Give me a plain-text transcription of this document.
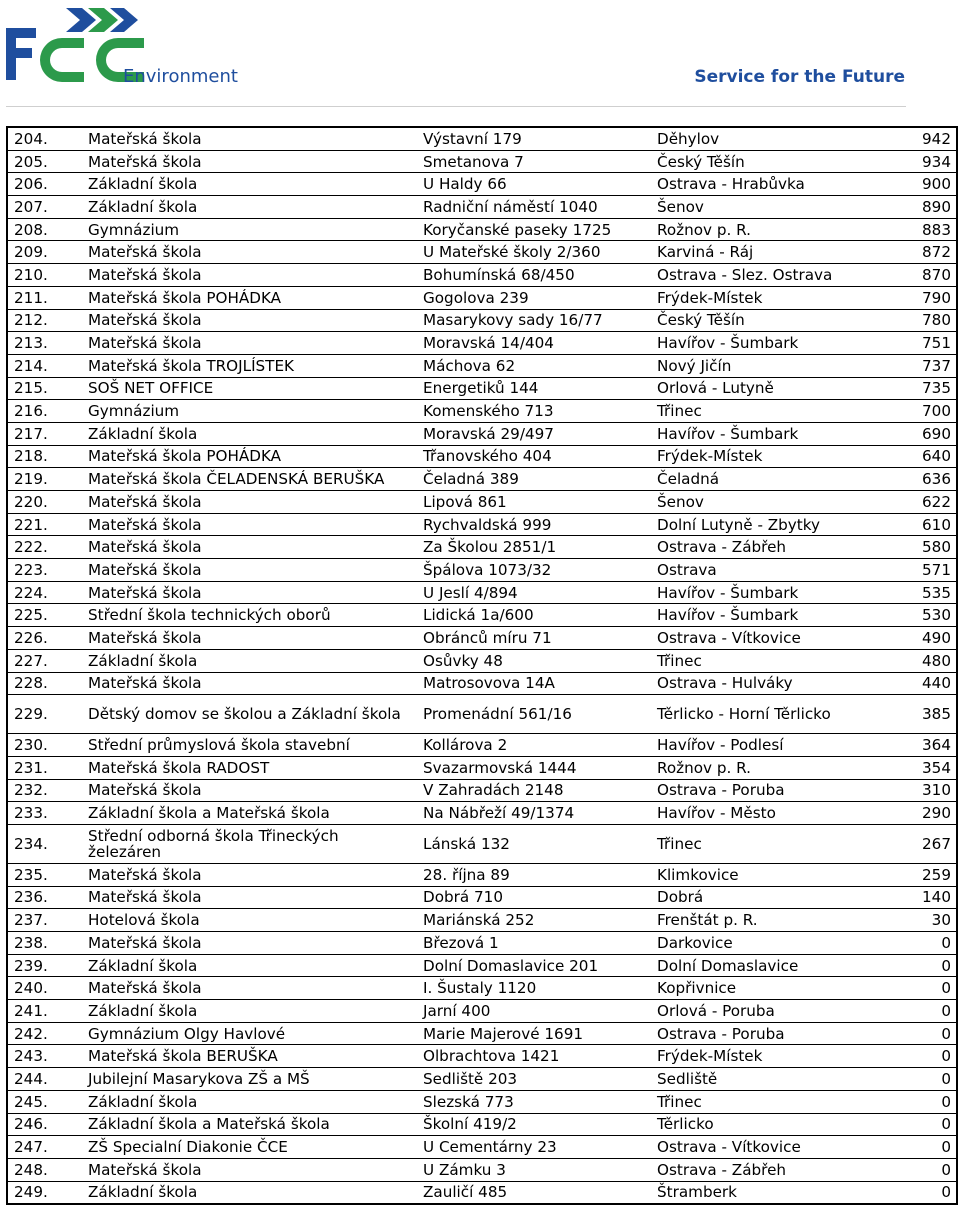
Environment	Service for the Future
204.	Mateřská škola	Výstavní 179	Děhylov	942
205.	Mateřská škola	Smetanova 7	Český Těšín	934
206.	Základní škola	U Haldy 66	Ostrava - Hrabůvka	900
207.	Základní škola	Radniční náměstí 1040	Šenov	890
208.	Gymnázium	Koryčanské paseky 1725	Rožnov p. R.	883
209.	Mateřská škola	U Mateřské školy 2/360	Karviná - Ráj	872
210.	Mateřská škola	Bohumínská 68/450	Ostrava - Slez. Ostrava	870
211.	Mateřská škola POHÁDKA	Gogolova 239	Frýdek-Místek	790
212.	Mateřská škola	Masarykovy sady 16/77	Český Těšín	780
213.	Mateřská škola	Moravská 14/404	Havířov - Šumbark	751
214.	Mateřská škola TROJLÍSTEK	Máchova 62	Nový Jičín	737
215.	SOŠ NET OFFICE	Energetiků 144	Orlová - Lutyně	735
216.	Gymnázium	Komenského 713	Třinec	700
217.	Základní škola	Moravská 29/497	Havířov - Šumbark	690
218.	Mateřská škola POHÁDKA	Třanovského 404	Frýdek-Místek	640
219.	Mateřská škola ČELADENSKÁ BERUŠKA	Čeladná 389	Čeladná	636
220.	Mateřská škola	Lipová 861	Šenov	622
221.	Mateřská škola	Rychvaldská 999	Dolní Lutyně - Zbytky	610
222.	Mateřská škola	Za Školou 2851/1	Ostrava - Zábřeh	580
223.	Mateřská škola	Špálova 1073/32	Ostrava	571
224.	Mateřská škola	U Jeslí 4/894	Havířov - Šumbark	535
225.	Střední škola technických oborů	Lidická 1a/600	Havířov - Šumbark	530
226.	Mateřská škola	Obránců míru 71	Ostrava - Vítkovice	490
227.	Základní škola	Osůvky 48	Třinec	480
228.	Mateřská škola	Matrosovova 14A	Ostrava - Hulváky	440
229.	Dětský domov se školou a Základní škola	Promenádní 561/16	Těrlicko - Horní Těrlicko	385
230.	Střední průmyslová škola stavební	Kollárova 2	Havířov - Podlesí	364
231.	Mateřská škola RADOST	Svazarmovská 1444	Rožnov p. R.	354
232.	Mateřská škola	V Zahradách 2148	Ostrava - Poruba	310
233.	Základní škola a Mateřská škola	Na Nábřeží 49/1374	Havířov - Město	290
234.	Střední odborná škola Třineckých železáren	Lánská 132	Třinec	267
235.	Mateřská škola	28. října 89	Klimkovice	259
236.	Mateřská škola	Dobrá 710	Dobrá	140
237.	Hotelová škola	Mariánská 252	Frenštát p. R.	30
238.	Mateřská škola	Březová 1	Darkovice	0
239.	Základní škola	Dolní Domaslavice 201	Dolní Domaslavice	0
240.	Mateřská škola	I. Šustaly 1120	Kopřivnice	0
241.	Základní škola	Jarní 400	Orlová - Poruba	0
242.	Gymnázium Olgy Havlové	Marie Majerové 1691	Ostrava - Poruba	0
243.	Mateřská škola BERUŠKA	Olbrachtova 1421	Frýdek-Místek	0
244.	Jubilejní Masarykova ZŠ a MŠ	Sedliště 203	Sedliště	0
245.	Základní škola	Slezská 773	Třinec	0
246.	Základní škola a Mateřská škola	Školní 419/2	Těrlicko	0
247.	ZŠ Specialní Diakonie ČCE	U Cementárny 23	Ostrava - Vítkovice	0
248.	Mateřská škola	U Zámku 3	Ostrava - Zábřeh	0
249.	Základní škola	Zauličí 485	Štramberk	0
